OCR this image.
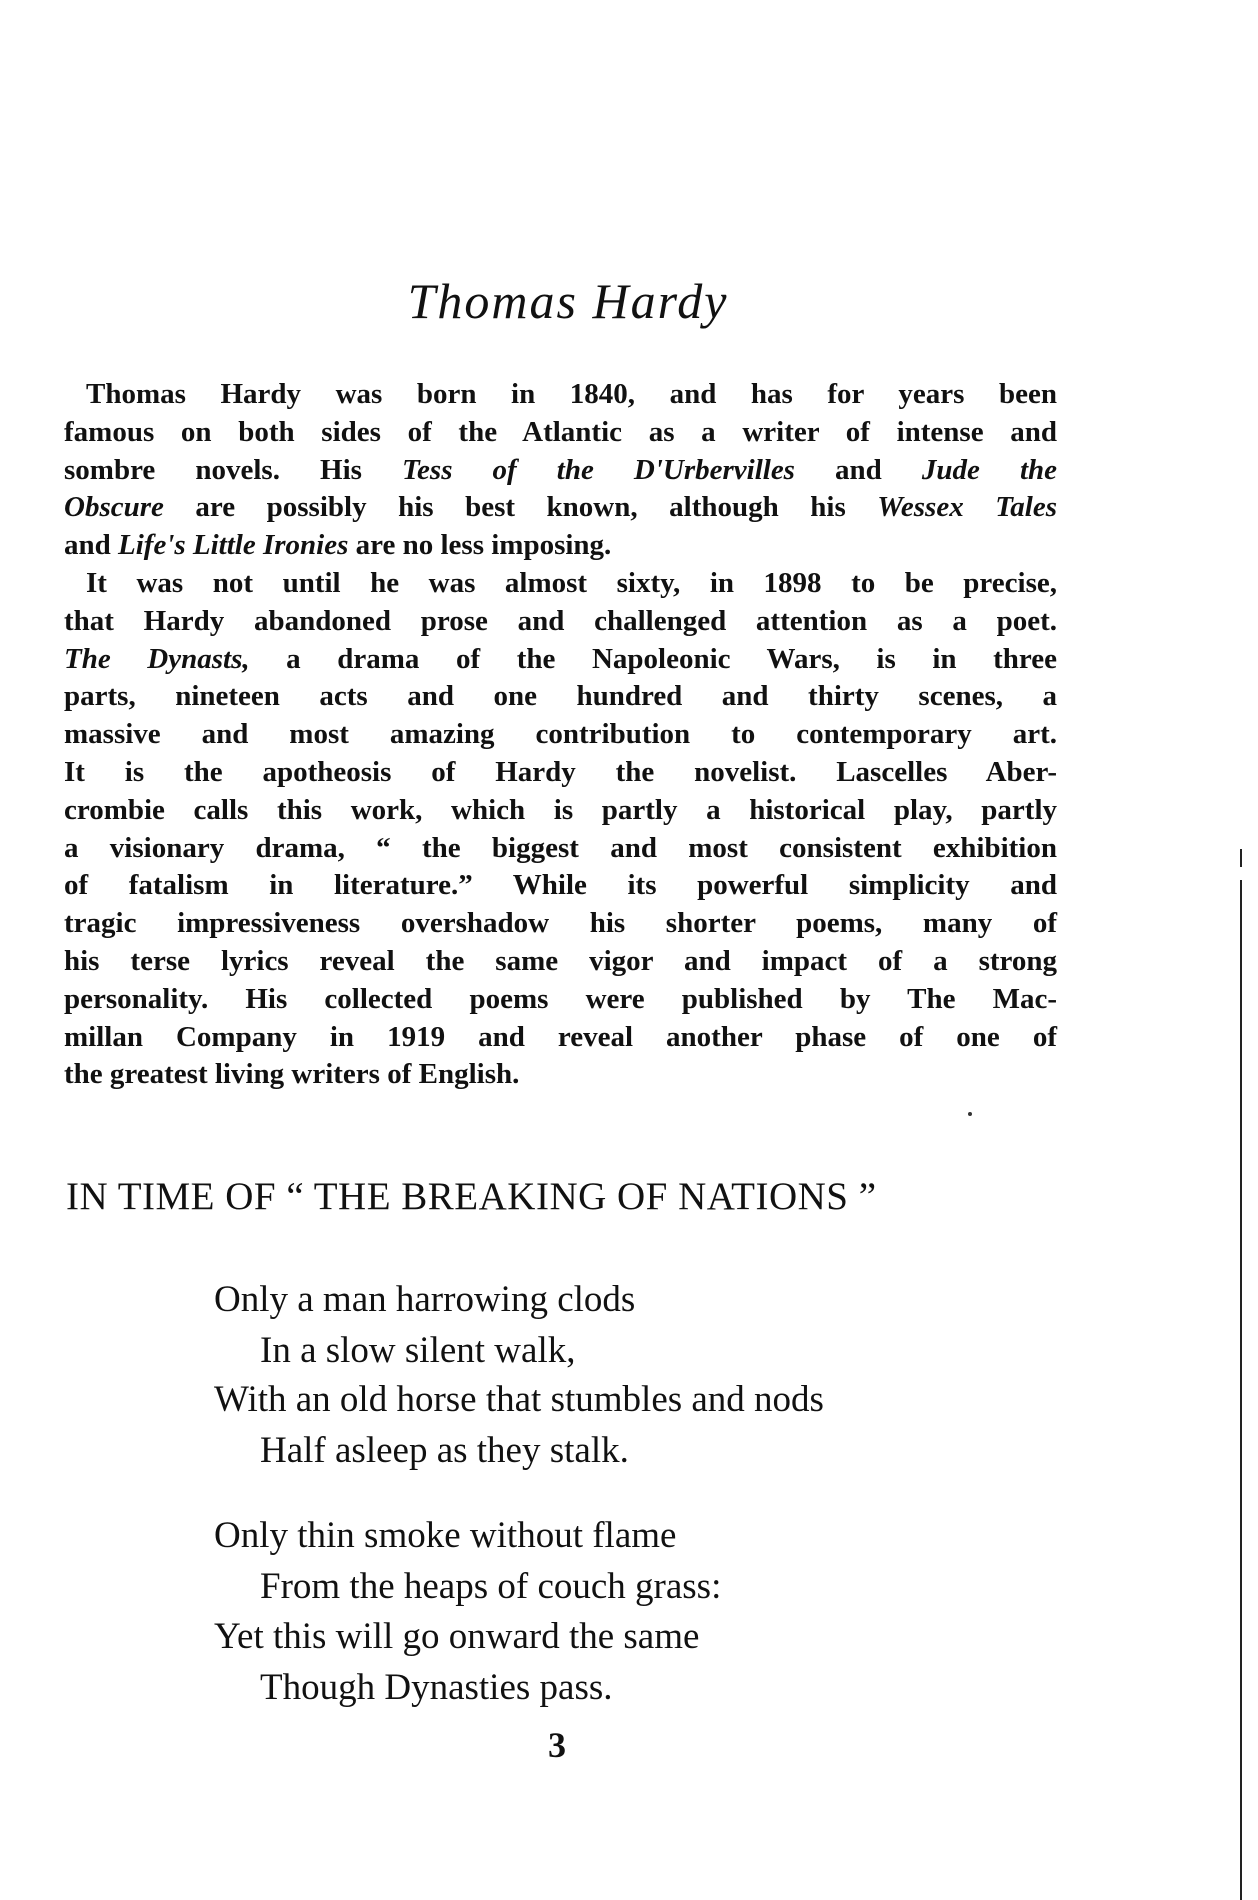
Thomas Hardy
Thomas Hardy was born in 1840, and has for years been
famous on both sides of the Atlantic as a writer of intense and
sombre novels. His Tess of the D'Urbervilles and Jude the
Obscure are possibly his best known, although his Wessex Tales
and Life's Little Ironies are no less imposing.
It was not until he was almost sixty, in 1898 to be precise,
that Hardy abandoned prose and challenged attention as a poet.
The Dynasts, a drama of the Napoleonic Wars, is in three
parts, nineteen acts and one hundred and thirty scenes, a
massive and most amazing contribution to contemporary art.
It is the apotheosis of Hardy the novelist. Lascelles Aber-
crombie calls this work, which is partly a historical play, partly
a visionary drama, “ the biggest and most consistent exhibition
of fatalism in literature.” While its powerful simplicity and
tragic impressiveness overshadow his shorter poems, many of
his terse lyrics reveal the same vigor and impact of a strong
personality. His collected poems were published by The Mac-
millan Company in 1919 and reveal another phase of one of
the greatest living writers of English.
IN TIME OF “ THE BREAKING OF NATIONS ”
Only a man harrowing clods
In a slow silent walk,
With an old horse that stumbles and nods
Half asleep as they stalk.
Only thin smoke without flame
From the heaps of couch grass:
Yet this will go onward the same
Though Dynasties pass.
3
